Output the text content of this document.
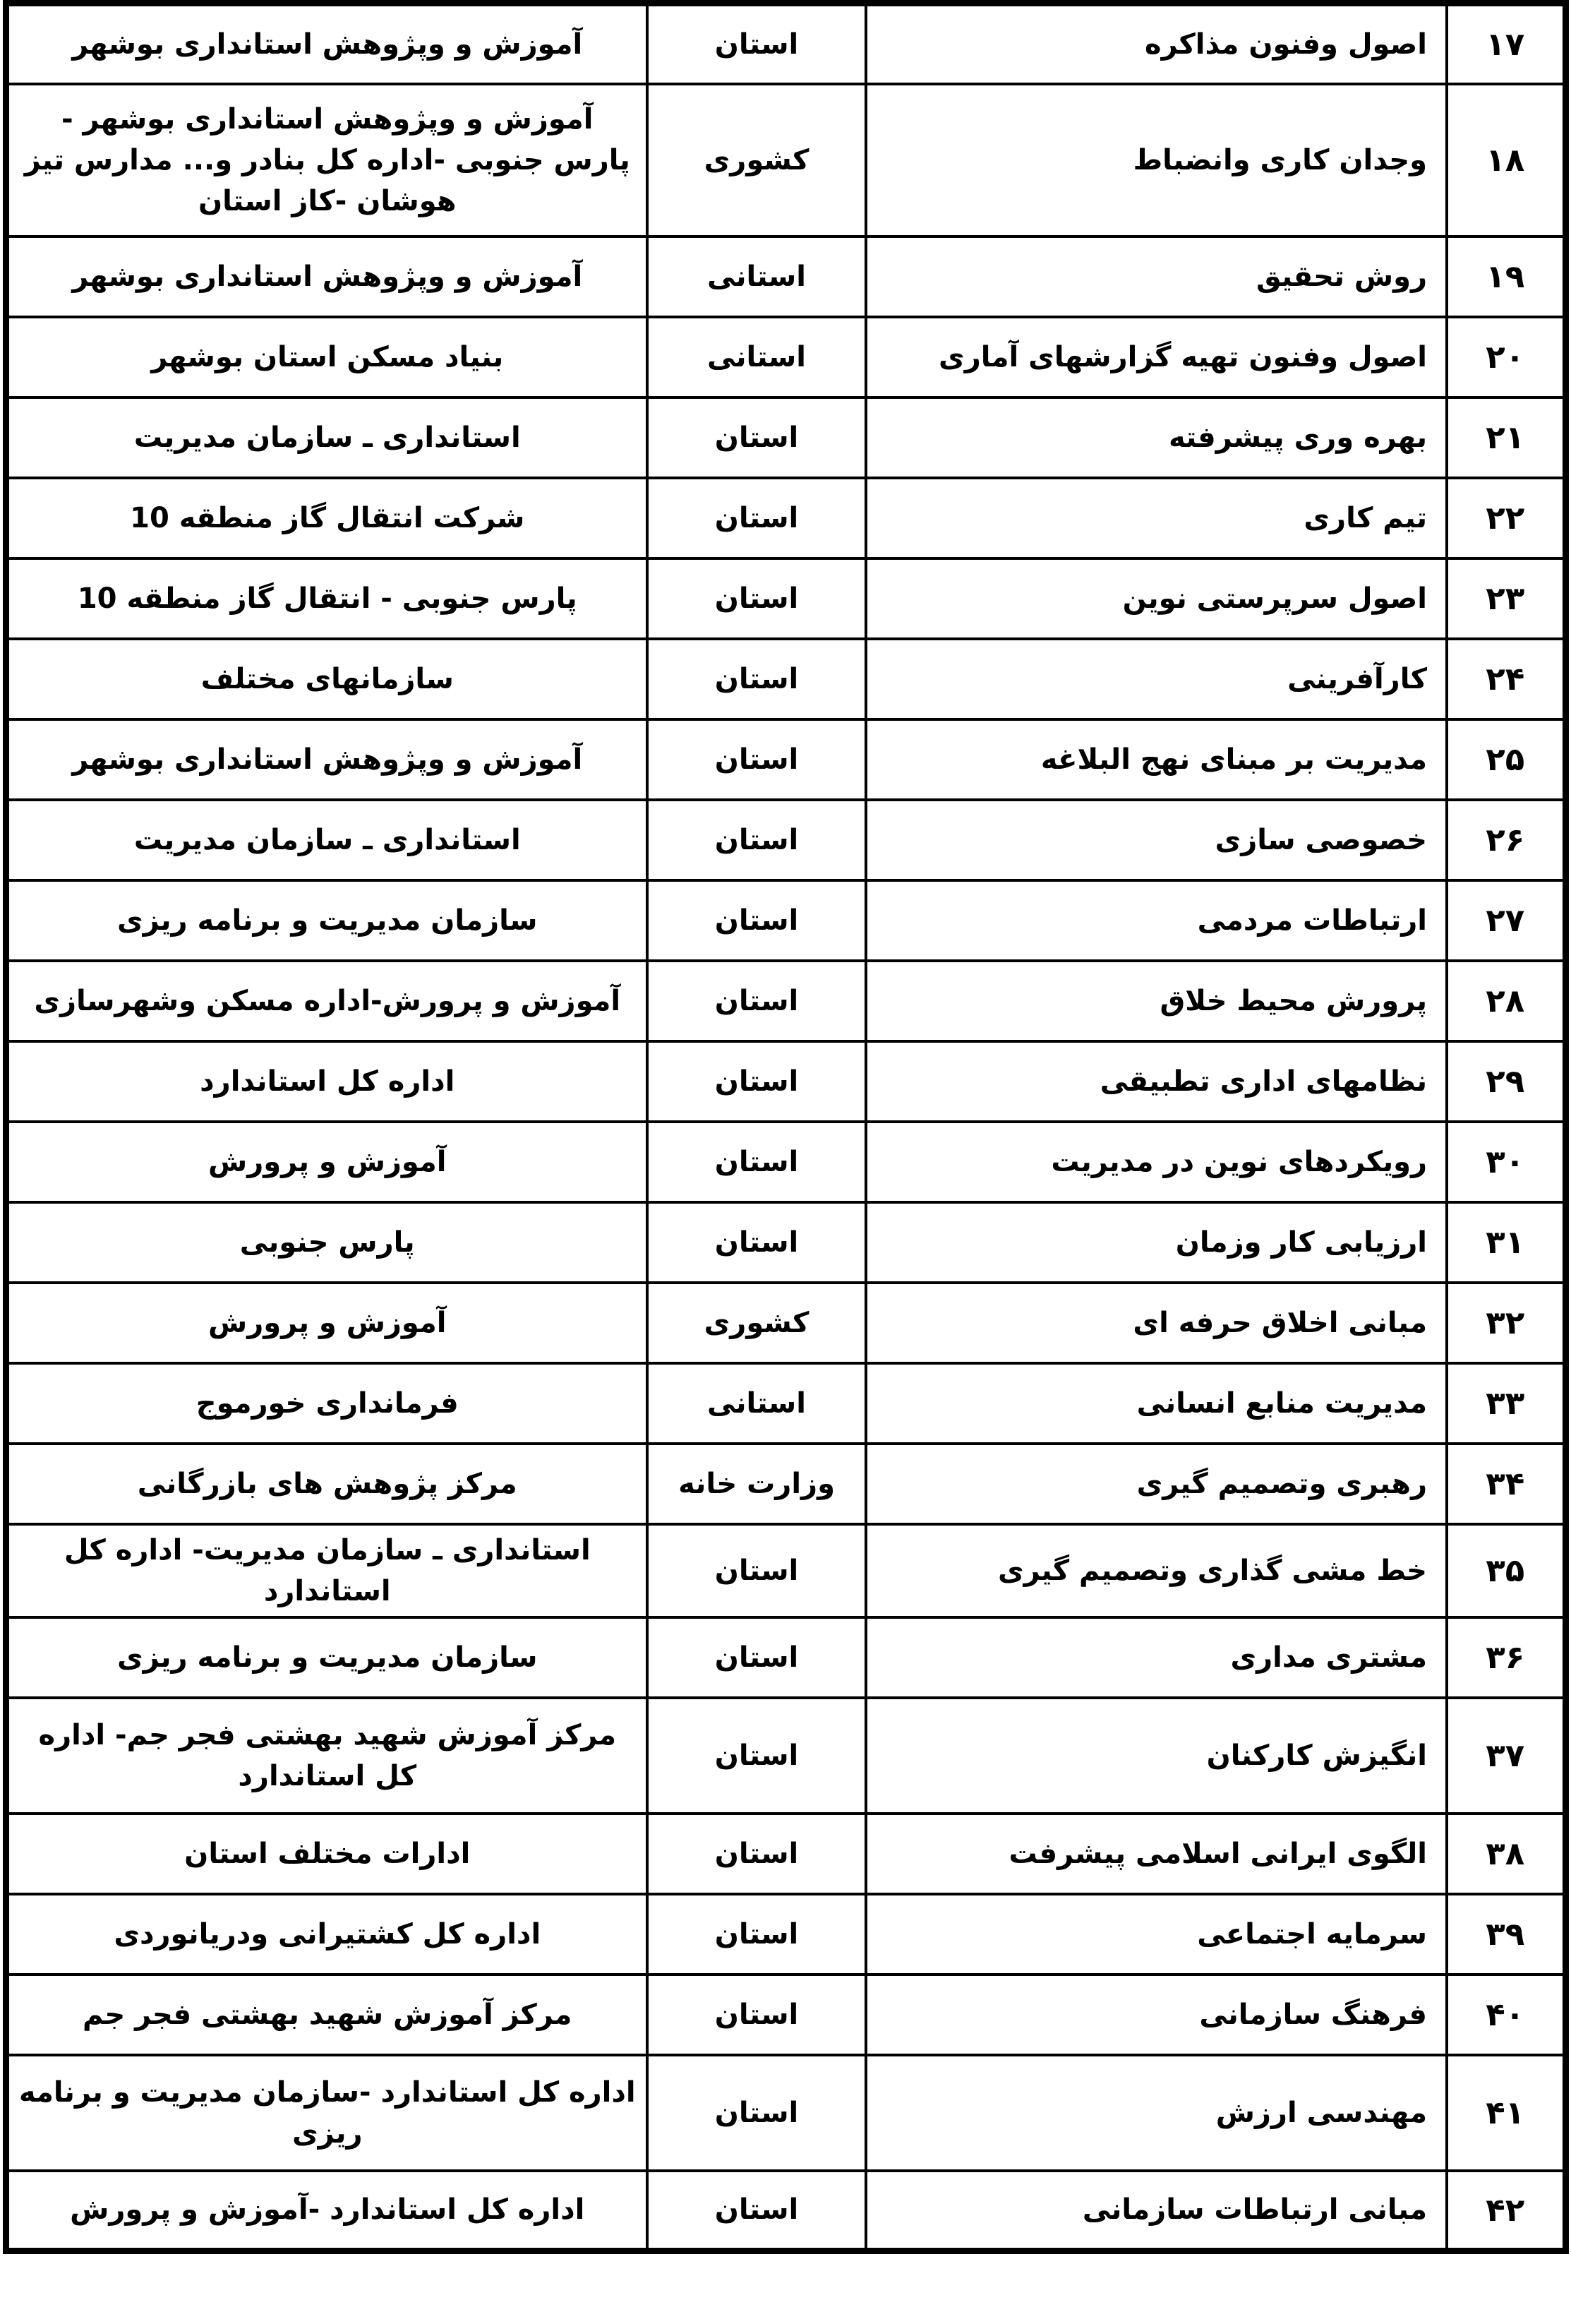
۱۷	اصول وفنون مذاکره	استان	آموزش و وپژوهش استانداری بوشهر
۱۸	وجدان کاری وانضباط	کشوری	آموزش و وپژوهش استانداری بوشهر - پارس جنوبی -اداره کل بنادر و... مدارس تیز هوشان -کاز استان
۱۹	روش تحقیق	استانی	آموزش و وپژوهش استانداری بوشهر
۲۰	اصول وفنون تهیه گزارشهای آماری	استانی	بنیاد مسکن استان بوشهر
۲۱	بهره وری پیشرفته	استان	استانداری ـ سازمان مدیریت
۲۲	تیم کاری	استان	شرکت انتقال گاز منطقه 10
۲۳	اصول سرپرستی نوین	استان	پارس جنوبی - انتقال گاز منطقه 10
۲۴	کارآفرینی	استان	سازمانهای مختلف
۲۵	مدیریت بر مبنای نهج البلاغه	استان	آموزش و وپژوهش استانداری بوشهر
۲۶	خصوصی سازی	استان	استانداری ـ سازمان مدیریت
۲۷	ارتباطات مردمی	استان	سازمان مدیریت و برنامه ریزی
۲۸	پرورش محیط خلاق	استان	آموزش و پرورش-اداره مسکن وشهرسازی
۲۹	نظامهای اداری تطبیقی	استان	اداره کل استاندارد
۳۰	رویکردهای نوین در مدیریت	استان	آموزش و پرورش
۳۱	ارزیابی کار وزمان	استان	پارس جنوبی
۳۲	مبانی اخلاق حرفه ای	کشوری	آموزش و پرورش
۳۳	مدیریت منابع انسانی	استانی	فرمانداری خورموج
۳۴	رهبری وتصمیم گیری	وزارت خانه	مرکز پژوهش های بازرگانی
۳۵	خط مشی گذاری وتصمیم گیری	استان	استانداری ـ سازمان مدیریت- اداره کل استاندارد
۳۶	مشتری مداری	استان	سازمان مدیریت و برنامه ریزی
۳۷	انگیزش کارکنان	استان	مرکز آموزش شهید بهشتی فجر جم- اداره کل استاندارد
۳۸	الگوی ایرانی اسلامی پیشرفت	استان	ادارات مختلف استان
۳۹	سرمایه اجتماعی	استان	اداره کل کشتیرانی ودریانوردی
۴۰	فرهنگ سازمانی	استان	مرکز آموزش شهید بهشتی فجر جم
۴۱	مهندسی ارزش	استان	اداره کل استاندارد -سازمان مدیریت و برنامه ریزی
۴۲	مبانی ارتباطات سازمانی	استان	اداره کل استاندارد -آموزش و پرورش
